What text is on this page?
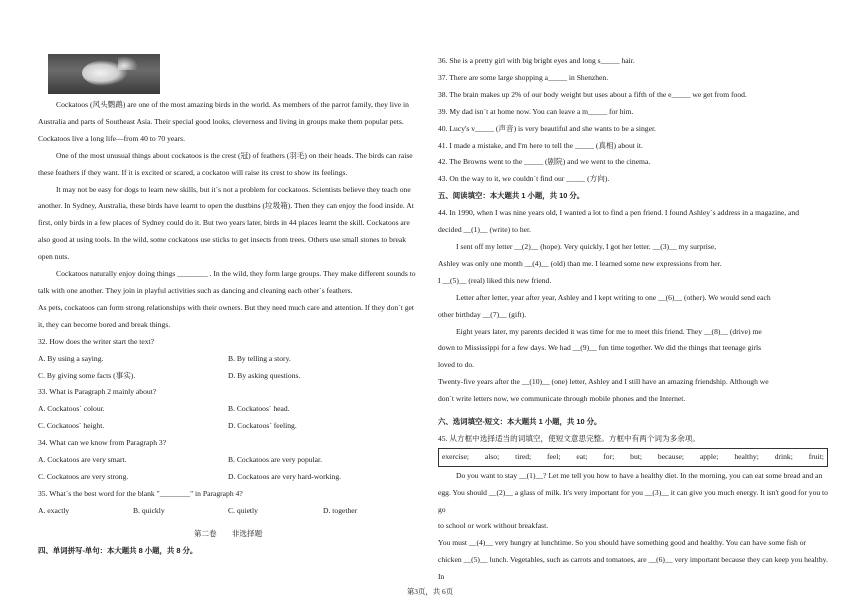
Cockatoos (风头鹦鹉) are one of the most amazing birds in the world. As members of the parrot family, they live in Australia and parts of Southeast Asia. Their special good looks, cleverness and living in groups make them popular pets. Cockatoos live a long life—from 40 to 70 years.
One of the most unusual things about cockatoos is the crest (冠) of feathers (羽毛) on their heads. The birds can raise these feathers if they want. If it is excited or scared, a cockatoo will raise its crest to show its feelings.
It may not be easy for dogs to learn new skills, but it`s not a problem for cockatoos. Scientists believe they teach one another. In Sydney, Australia, these birds have learnt to open the dustbins (垃圾箱). Then they can enjoy the food inside. At first, only birds in a few places of Sydney could do it. But two years later, birds in 44 places learnt the skill. Cockatoos are also good at using tools. In the wild, some cockatoos use sticks to get insects from trees. Others use small stones to break open nuts.
Cockatoos naturally enjoy doing things ________ . In the wild, they form large groups. They make different sounds to talk with one another. They join in playful activities such as dancing and cleaning each other`s feathers.
As pets, cockatoos can form strong relationships with their owners. But they need much care and attention. If they don`t get it, they can become bored and break things.
32. How does the writer start the text?
A. By using a saying.	B. By telling a story.
C. By giving some facts (事实).	D. By asking questions.
33. What is Paragraph 2 mainly about?
A. Cockatoos` colour.	B. Cockatoos` head.
C. Cockatoos` height.	D. Cockatoos` feeling.
34. What can we know from Paragraph 3?
A. Cockatoos are very smart.	B. Cockatoos are very popular.
C. Cockatoos are very strong.	D. Cockatoos are very hard-working.
35. What`s the best word for the blank "________" in Paragraph 4?
A. exactly	B. quickly	C. quietly	D. together
第二卷　　非选择题
四、单词拼写-单句：本大题共 8 小题，共 8 分。
36. She is a pretty girl with big bright eyes and long s_____ hair.
37. There are some large shopping a_____ in Shenzhen.
38. The brain makes up 2% of our body weight but uses about a fifth of the e_____ we get from food.
39. My dad isn`t at home now. You can leave a m_____ for him.
40. Lucy's v_____ (声音) is very beautiful and she wants to be a singer.
41. I made a mistake, and I'm here to tell the _____ (真相) about it.
42. The Browns went to the _____ (剧院) and we went to the cinema.
43. On the way to it, we couldn`t find our _____ (方向).
五、阅读填空：本大题共 1 小题，共 10 分。
44. In 1990, when I was nine years old, I wanted a lot to find a pen friend. I found Ashley`s address in a magazine, and
decided __(1)__ (write) to her.
I sent off my letter __(2)__ (hope). Very quickly, I got her letter. __(3)__ my surprise,
Ashley was only one month __(4)__ (old) than me. I learned some new expressions from her.
I __(5)__ (real) liked this new friend.
Letter after letter, year after year, Ashley and I kept writing to one __(6)__ (other). We would send each
other birthday __(7)__ (gift).
Eight years later, my parents decided it was time for me to meet this friend. They __(8)__ (drive) me
down to Mississippi for a few days. We had __(9)__ fun time together. We did the things that teenage girls
loved to do.
Twenty-five years after the __(10)__ (one) letter, Ashley and I still have an amazing friendship. Although we
don`t write letters now, we communicate through mobile phones and the Internet.
六、选词填空-短文：本大题共 1 小题，共 10 分。
45. 从方框中选择适当的词填空，使短文意思完整。方框中有两个词为多余项。
exercise; also; tired; feel; eat; for; but; because; apple; healthy; drink; fruit;
Do you want to stay __(1)__? Let me tell you how to have a healthy diet. In the morning, you can eat some bread and an
egg. You should __(2)__ a glass of milk. It's very important for you __(3)__ it can give you much energy. It isn't good for you to go
to school or work without breakfast.
You must __(4)__ very hungry at lunchtime. So you should have something good and healthy. You can have some fish or
chicken __(5)__ lunch. Vegetables, such as carrots and tomatoes, are __(6)__ very important because they can keep you healthy. In
第3页，共 6页
